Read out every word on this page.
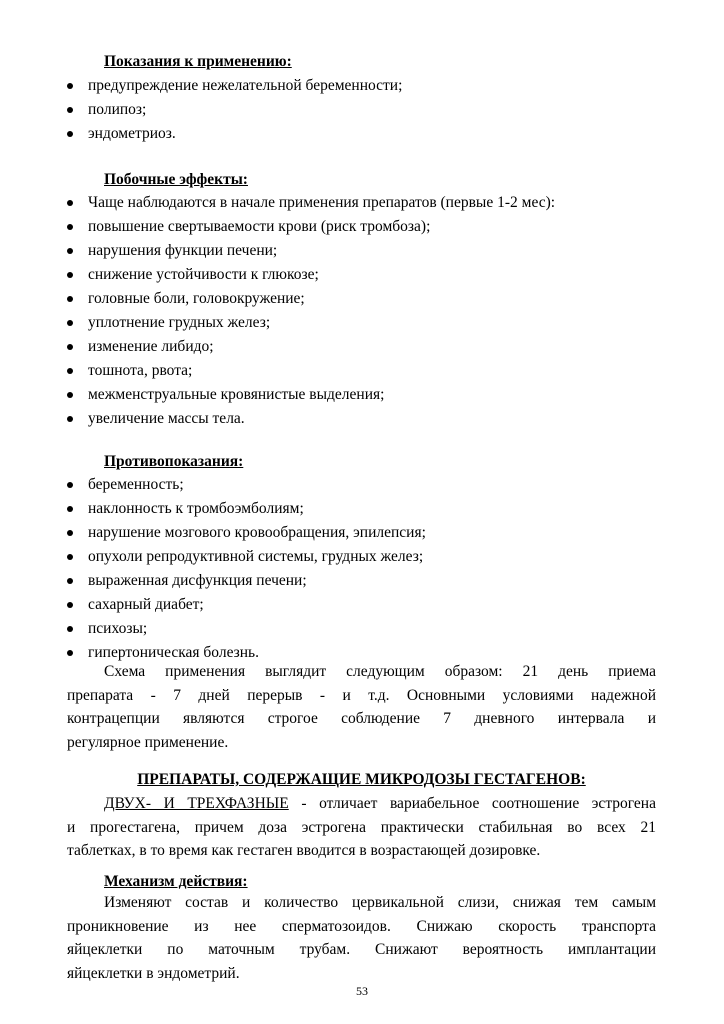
Показания к применению:
предупреждение нежелательной беременности;
полипоз;
эндометриоз.
Побочные эффекты:
Чаще наблюдаются в начале применения препаратов (первые 1-2 мес):
повышение свертываемости крови (риск тромбоза);
нарушения функции печени;
снижение устойчивости к глюкозе;
головные боли, головокружение;
уплотнение грудных желез;
изменение либидо;
тошнота, рвота;
межменструальные кровянистые выделения;
увеличение массы тела.
Противопоказания:
беременность;
наклонность к тромбоэмболиям;
нарушение мозгового кровообращения, эпилепсия;
опухоли репродуктивной системы, грудных желез;
выраженная дисфункция печени;
сахарный диабет;
психозы;
гипертоническая болезнь.
Схема применения выглядит следующим образом: 21 день приема
препарата - 7 дней перерыв - и т.д. Основными условиями надежной
контрацепции являются строгое соблюдение 7 дневного интервала и
регулярное применение.
ПРЕПАРАТЫ, СОДЕРЖАЩИЕ МИКРОДОЗЫ ГЕСТАГЕНОВ:
ДВУХ- И ТРЕХФАЗНЫЕ - отличает вариабельное соотношение эстрогена
и прогестагена, причем доза эстрогена практически стабильная во всех 21
таблетках, в то время как гестаген вводится в возрастающей дозировке.
Механизм действия:
Изменяют состав и количество цервикальной слизи, снижая тем самым
проникновение из нее сперматозоидов. Снижаю скорость транспорта
яйцеклетки по маточным трубам. Снижают вероятность имплантации
яйцеклетки в эндометрий.
53
